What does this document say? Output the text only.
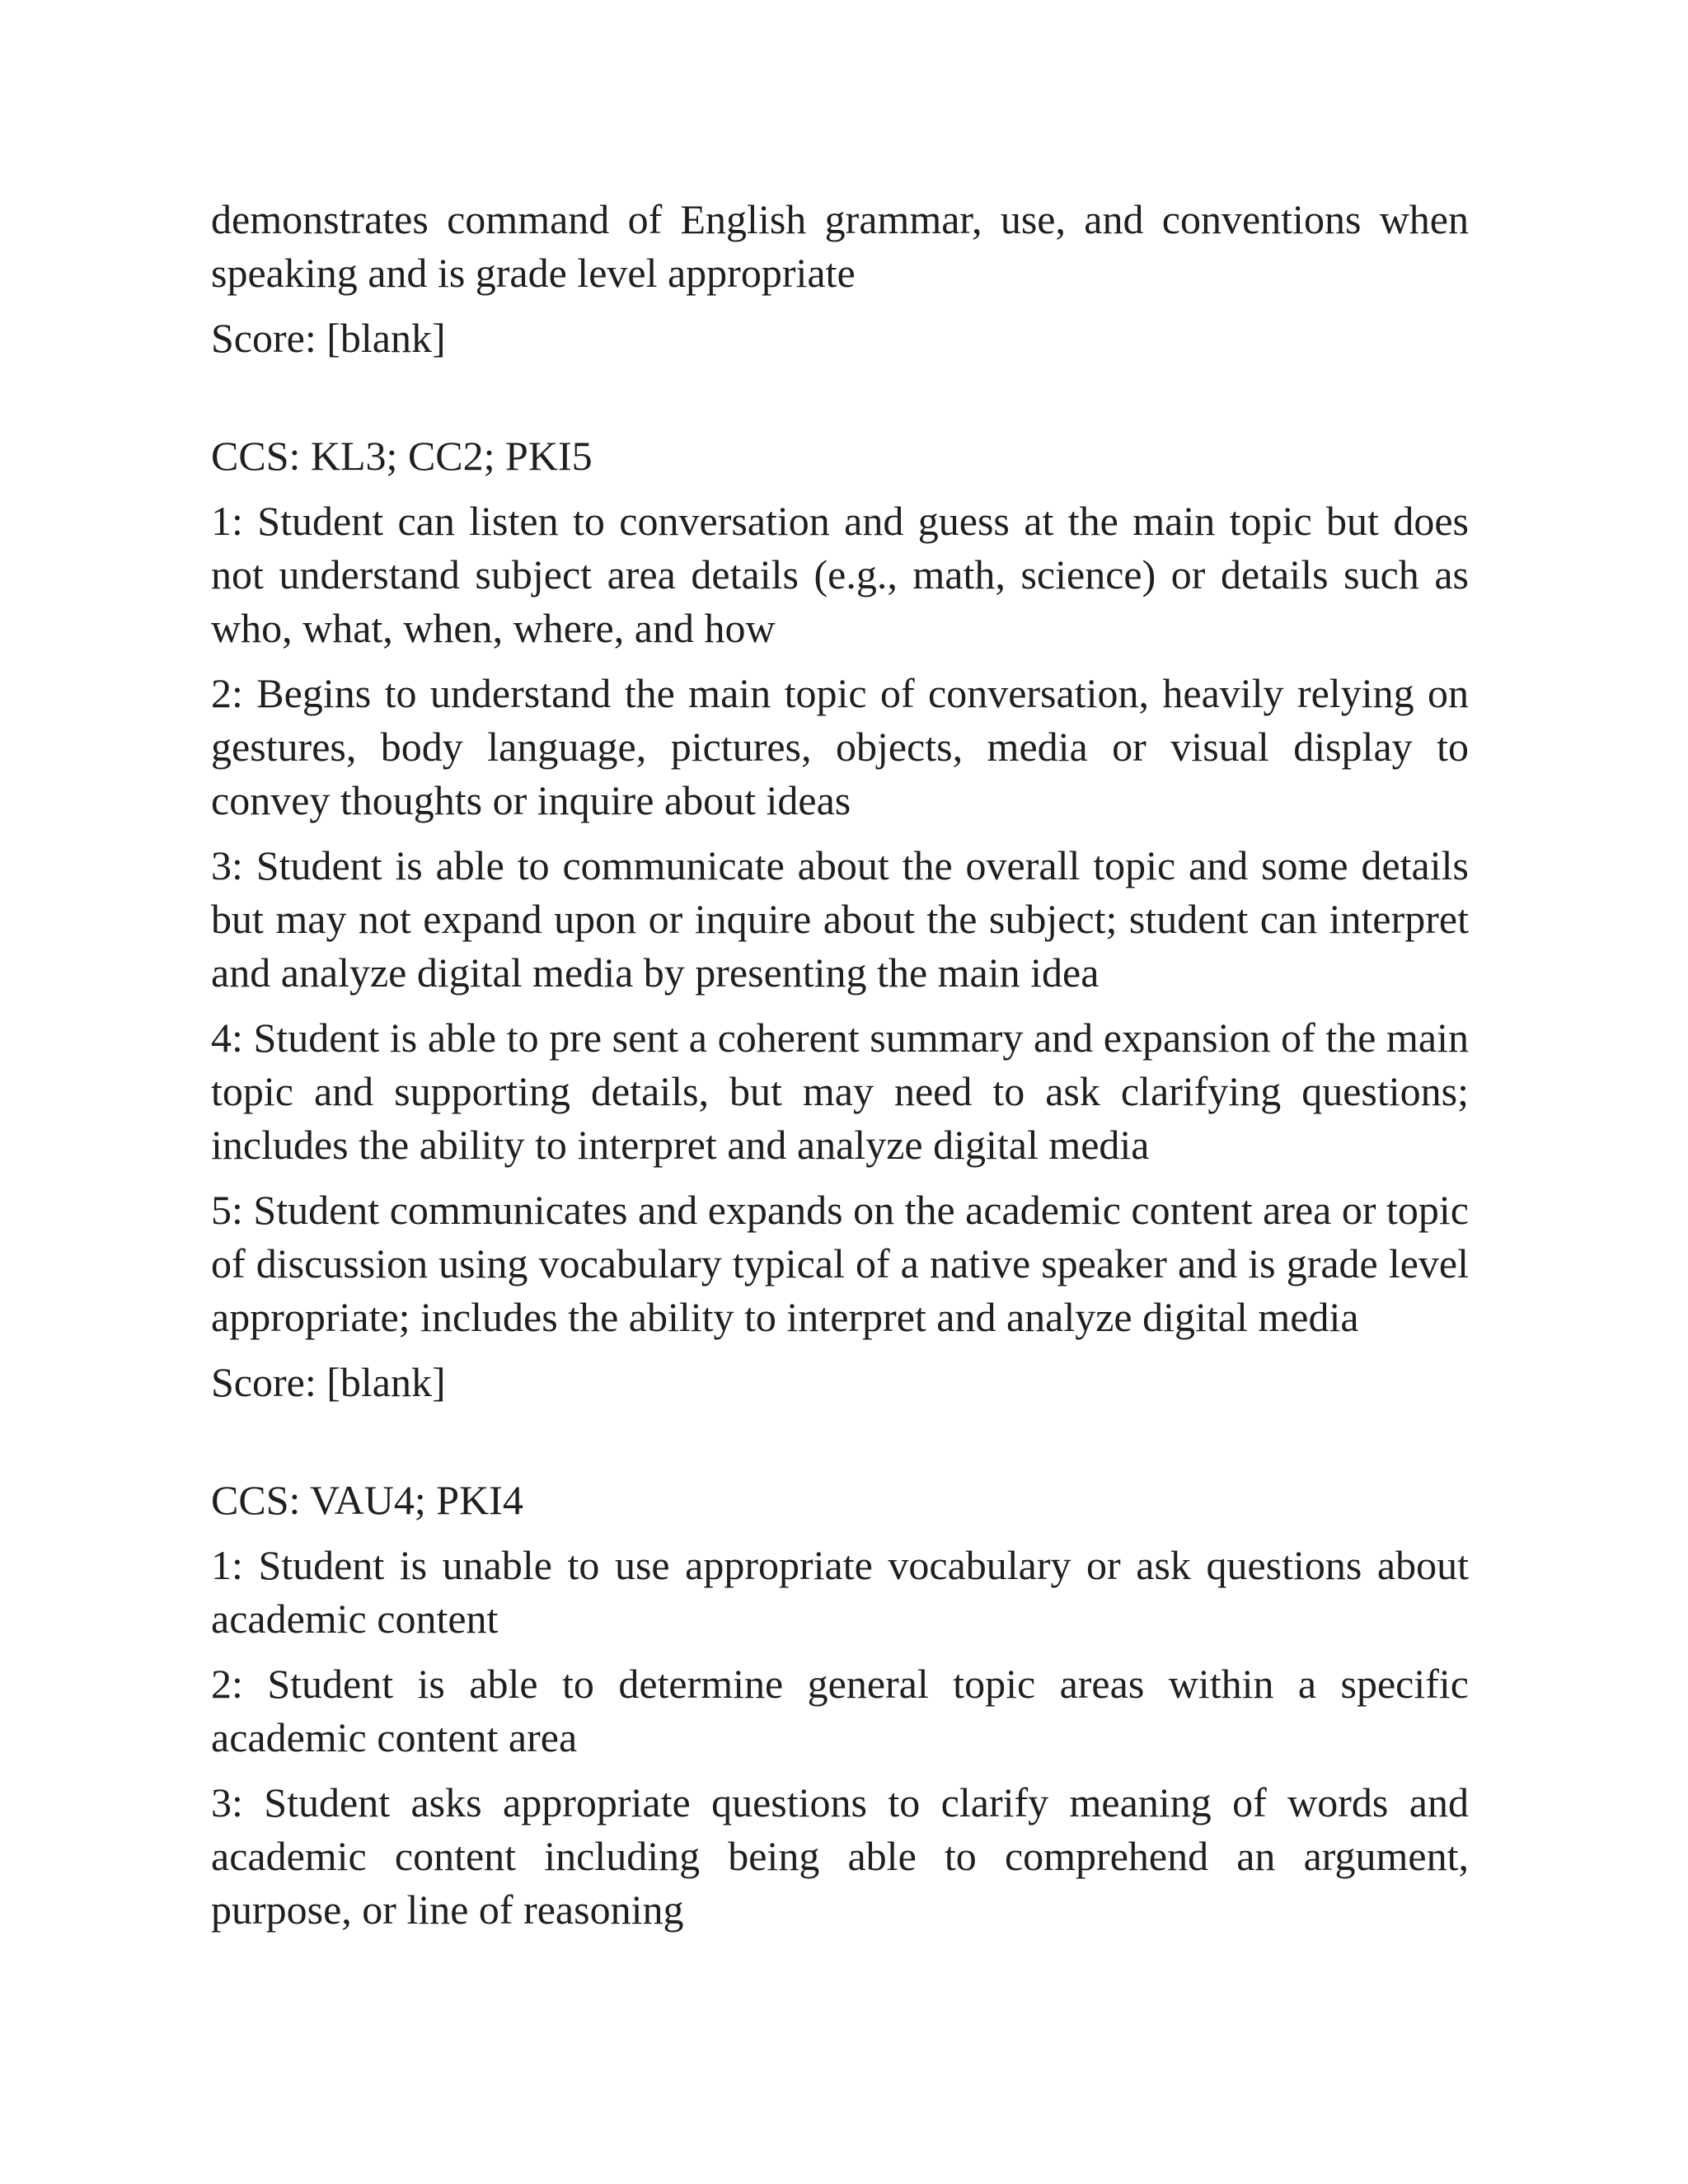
demonstrates command of English grammar, use, and conventions when speaking and is grade level appropriate

Score: [blank]

CCS: KL3; CC2; PKI5

1: Student can listen to conversation and guess at the main topic but does not understand subject area details (e.g., math, science) or details such as who, what, when, where, and how

2: Begins to understand the main topic of conversation, heavily relying on gestures, body language, pictures, objects, media or visual display to convey thoughts or inquire about ideas

3: Student is able to communicate about the overall topic and some details but may not expand upon or inquire about the subject; student can interpret and analyze digital media by presenting the main idea

4: Student is able to pre sent a coherent summary and expansion of the main topic and supporting details, but may need to ask clarifying questions; includes the ability to interpret and analyze digital media

5: Student communicates and expands on the academic content area or topic of discussion using vocabulary typical of a native speaker and is grade level appropriate; includes the ability to interpret and analyze digital media

Score: [blank]

CCS: VAU4; PKI4

1: Student is unable to use appropriate vocabulary or ask questions about academic content

2: Student is able to determine general topic areas within a specific academic content area

3: Student asks appropriate questions to clarify meaning of words and academic content including being able to comprehend an argument, purpose, or line of reasoning
